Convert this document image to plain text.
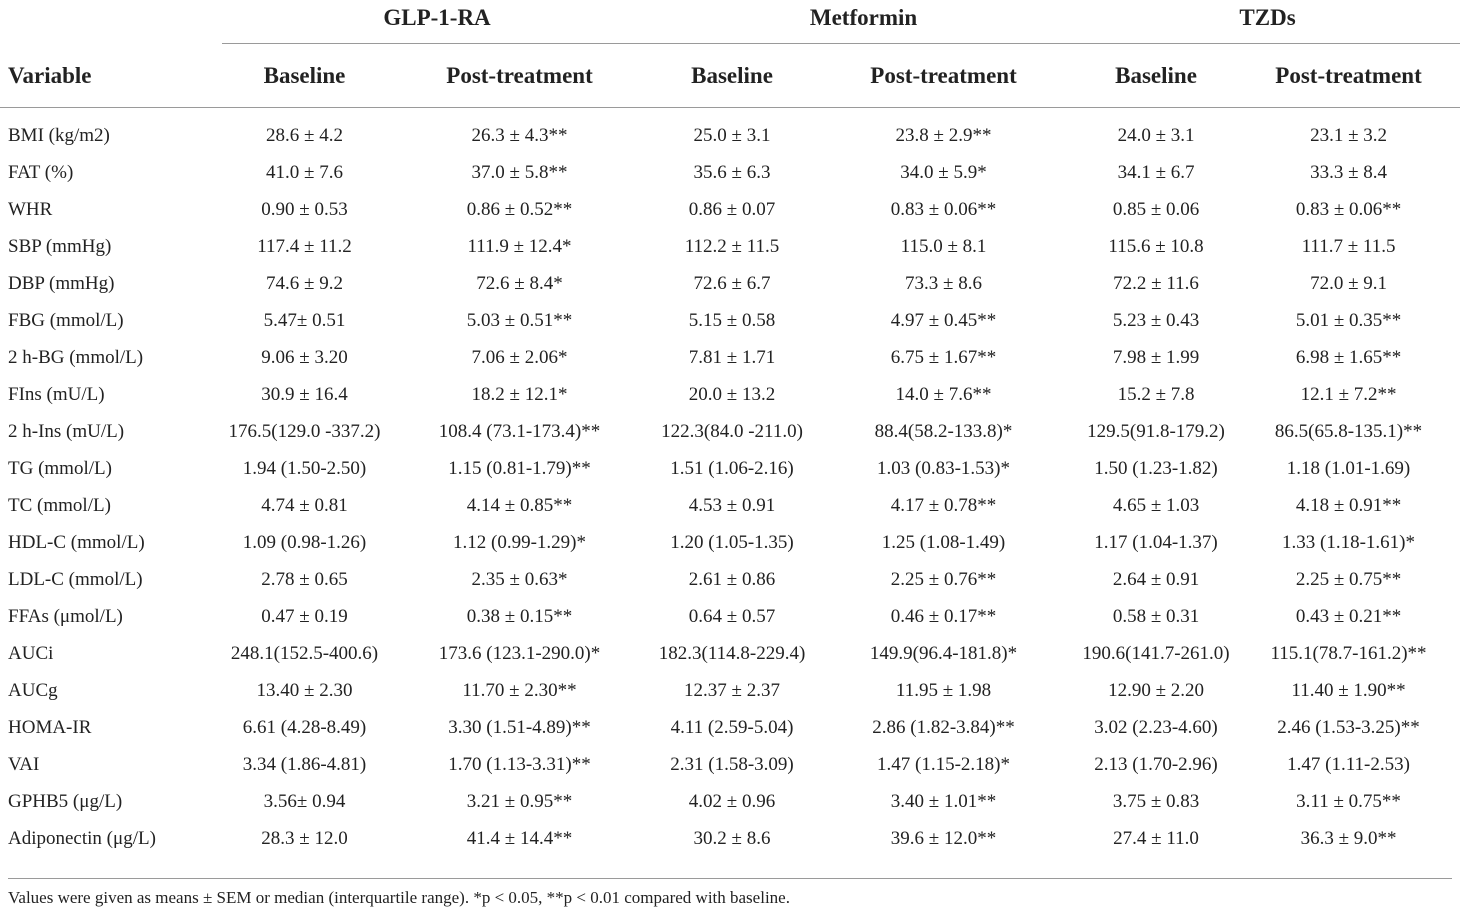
	GLP-1-RA		Metformin		TZDs	

Variable	Baseline	Post-treatment	Baseline	Post-treatment	Baseline	Post-treatment

BMI (kg/m2)	28.6 ± 4.2	26.3 ± 4.3**	25.0 ± 3.1	23.8 ± 2.9**	24.0 ± 3.1	23.1 ± 3.2
FAT (%)	41.0 ± 7.6	37.0 ± 5.8**	35.6 ± 6.3	34.0 ± 5.9*	34.1 ± 6.7	33.3 ± 8.4
WHR	0.90 ± 0.53	0.86 ± 0.52**	0.86 ± 0.07	0.83 ± 0.06**	0.85 ± 0.06	0.83 ± 0.06**
SBP (mmHg)	117.4 ± 11.2	111.9 ± 12.4*	112.2 ± 11.5	115.0 ± 8.1	115.6 ± 10.8	111.7 ± 11.5
DBP (mmHg)	74.6 ± 9.2	72.6 ± 8.4*	72.6 ± 6.7	73.3 ± 8.6	72.2 ± 11.6	72.0 ± 9.1
FBG (mmol/L)	5.47± 0.51	5.03 ± 0.51**	5.15 ± 0.58	4.97 ± 0.45**	5.23 ± 0.43	5.01 ± 0.35**
2 h-BG (mmol/L)	9.06 ± 3.20	7.06 ± 2.06*	7.81 ± 1.71	6.75 ± 1.67**	7.98 ± 1.99	6.98 ± 1.65**
FIns (mU/L)	30.9 ± 16.4	18.2 ± 12.1*	20.0 ± 13.2	14.0 ± 7.6**	15.2 ± 7.8	12.1 ± 7.2**
2 h-Ins (mU/L)	176.5(129.0 -337.2)	108.4 (73.1-173.4)**	122.3(84.0 -211.0)	88.4(58.2-133.8)*	129.5(91.8-179.2)	86.5(65.8-135.1)**
TG (mmol/L)	1.94 (1.50-2.50)	1.15 (0.81-1.79)**	1.51 (1.06-2.16)	1.03 (0.83-1.53)*	1.50 (1.23-1.82)	1.18 (1.01-1.69)
TC (mmol/L)	4.74 ± 0.81	4.14 ± 0.85**	4.53 ± 0.91	4.17 ± 0.78**	4.65 ± 1.03	4.18 ± 0.91**
HDL-C (mmol/L)	1.09 (0.98-1.26)	1.12 (0.99-1.29)*	1.20 (1.05-1.35)	1.25 (1.08-1.49)	1.17 (1.04-1.37)	1.33 (1.18-1.61)*
LDL-C (mmol/L)	2.78 ± 0.65	2.35 ± 0.63*	2.61 ± 0.86	2.25 ± 0.76**	2.64 ± 0.91	2.25 ± 0.75**
FFAs (μmol/L)	0.47 ± 0.19	0.38 ± 0.15**	0.64 ± 0.57	0.46 ± 0.17**	0.58 ± 0.31	0.43 ± 0.21**
AUCi	248.1(152.5-400.6)	173.6 (123.1-290.0)*	182.3(114.8-229.4)	149.9(96.4-181.8)*	190.6(141.7-261.0)	115.1(78.7-161.2)**
AUCg	13.40 ± 2.30	11.70 ± 2.30**	12.37 ± 2.37	11.95 ± 1.98	12.90 ± 2.20	11.40 ± 1.90**
HOMA-IR	6.61 (4.28-8.49)	3.30 (1.51-4.89)**	4.11 (2.59-5.04)	2.86 (1.82-3.84)**	3.02 (2.23-4.60)	2.46 (1.53-3.25)**
VAI	3.34 (1.86-4.81)	1.70 (1.13-3.31)**	2.31 (1.58-3.09)	1.47 (1.15-2.18)*	2.13 (1.70-2.96)	1.47 (1.11-2.53)
GPHB5 (μg/L)	3.56± 0.94	3.21 ± 0.95**	4.02 ± 0.96	3.40 ± 1.01**	3.75 ± 0.83	3.11 ± 0.75**
Adiponectin (μg/L)	28.3 ± 12.0	41.4 ± 14.4**	30.2 ± 8.6	39.6 ± 12.0**	27.4 ± 11.0	36.3 ± 9.0**
Values were given as means ± SEM or median (interquartile range). *p < 0.05, **p < 0.01 compared with baseline.
